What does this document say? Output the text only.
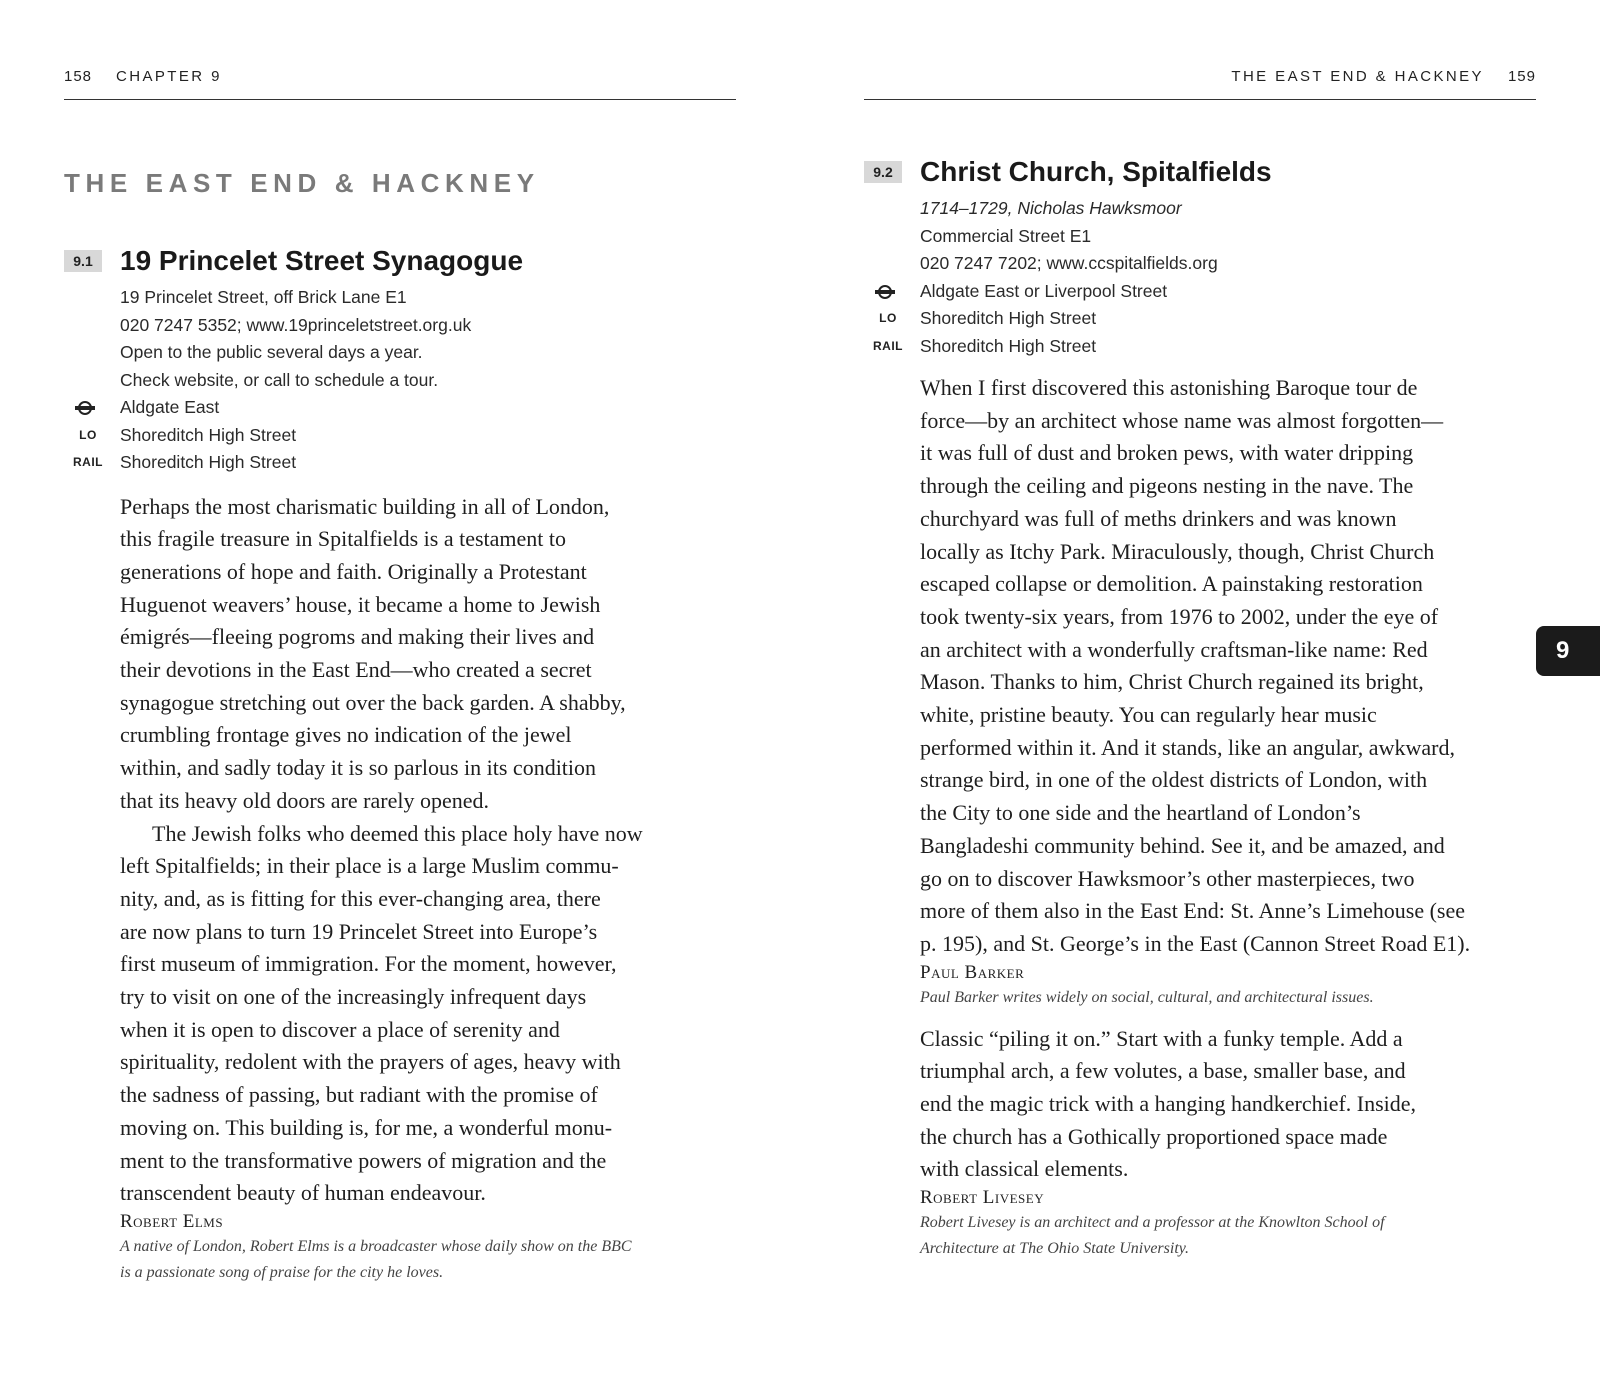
158 CHAPTER 9
THE EAST END & HACKNEY
9.1 19 Princelet Street Synagogue
19 Princelet Street, off Brick Lane E1
020 7247 5352; www.19princeletstreet.org.uk
Open to the public several days a year.
Check website, or call to schedule a tour.
Aldgate East
LO	Shoreditch High Street
RAIL Shoreditch High Street

Perhaps the most charismatic building in all of London,
this fragile treasure in Spitalfields is a testament to
generations of hope and faith. Originally a Protestant
Huguenot weavers’ house, it became a home to Jewish
émigrés—fleeing pogroms and making their lives and
their devotions in the East End—who created a secret
synagogue stretching out over the back garden. A shabby,
crumbling frontage gives no indication of the jewel
within, and sadly today it is so parlous in its condition
that its heavy old doors are rarely opened.

The Jewish folks who deemed this place holy have now
left Spitalfields; in their place is a large Muslim commu-
nity, and, as is fitting for this ever-changing area, there
are now plans to turn 19 Princelet Street into Europe’s
first museum of immigration. For the moment, however,
try to visit on one of the increasingly infrequent days
when it is open to discover a place of serenity and
spirituality, redolent with the prayers of ages, heavy with
the sadness of passing, but radiant with the promise of
moving on. This building is, for me, a wonderful monu-
ment to the transformative powers of migration and the
transcendent beauty of human endeavour.

Robert Elms
A native of London, Robert Elms is a broadcaster whose daily show on the BBC
is a passionate song of praise for the city he loves.
THE EAST END & HACKNEY 159
9.2 Christ Church, Spitalfields
1714–1729, Nicholas Hawksmoor
Commercial Street E1
020 7247 7202; www.ccspitalfields.org
Aldgate East or Liverpool Street
LO	Shoreditch High Street
RAIL Shoreditch High Street

When I first discovered this astonishing Baroque tour de
force—by an architect whose name was almost forgotten—
it was full of dust and broken pews, with water dripping
through the ceiling and pigeons nesting in the nave. The
churchyard was full of meths drinkers and was known
locally as Itchy Park. Miraculously, though, Christ Church
escaped collapse or demolition. A painstaking restoration
took twenty-six years, from 1976 to 2002, under the eye of
an architect with a wonderfully craftsman-like name: Red
Mason. Thanks to him, Christ Church regained its bright,
white, pristine beauty. You can regularly hear music
performed within it. And it stands, like an angular, awkward,
strange bird, in one of the oldest districts of London, with
the City to one side and the heartland of London’s
Bangladeshi community behind. See it, and be amazed, and
go on to discover Hawksmoor’s other masterpieces, two
more of them also in the East End: St. Anne’s Limehouse (see
p. 195), and St. George’s in the East (Cannon Street Road E1).

Paul Barker
Paul Barker writes widely on social, cultural, and architectural issues.

Classic “piling it on.” Start with a funky temple. Add a
triumphal arch, a few volutes, a base, smaller base, and
end the magic trick with a hanging handkerchief. Inside,
the church has a Gothically proportioned space made
with classical elements.

Robert Livesey
Robert Livesey is an architect and a professor at the Knowlton School of
Architecture at The Ohio State University.
9
